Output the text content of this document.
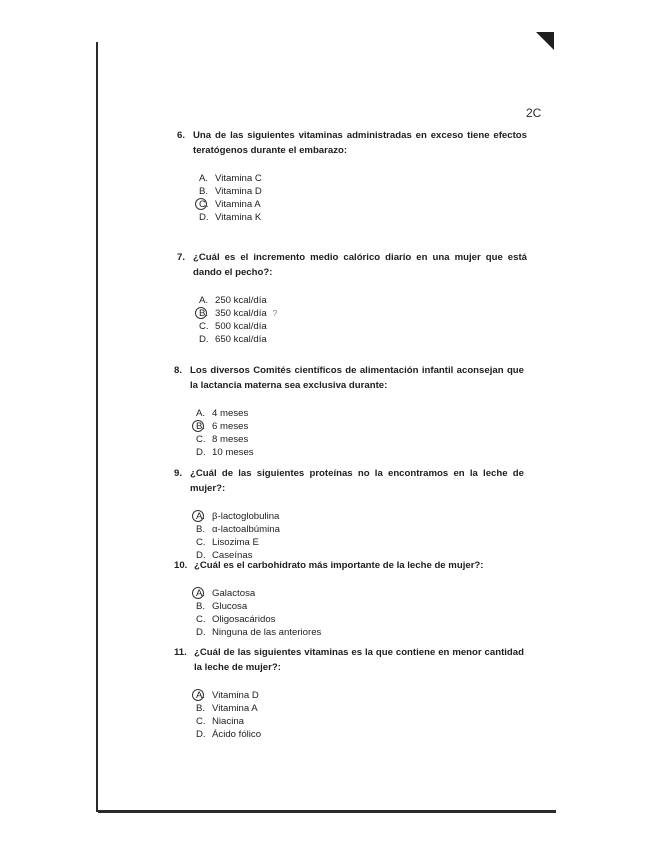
2C
6. Una de las siguientes vitaminas administradas en exceso tiene efectos teratógenos durante el embarazo:
A. Vitamina C
B. Vitamina D
C. Vitamina A
D. Vitamina K
7. ¿Cuál es el incremento medio calórico diario en una mujer que está dando el pecho?:
A. 250 kcal/día
B. 350 kcal/día ?
C. 500 kcal/día
D. 650 kcal/día
8. Los diversos Comités científicos de alimentación infantil aconsejan que la lactancia materna sea exclusiva durante:
A. 4 meses
B. 6 meses
C. 8 meses
D. 10 meses
9. ¿Cuál de las siguientes proteínas no la encontramos en la leche de mujer?:
A. β-lactoglobulina
B. α-lactoalbúmina
C. Lisozima E
D. Caseínas
10. ¿Cuál es el carbohidrato más importante de la leche de mujer?:
A. Galactosa
B. Glucosa
C. Oligosacáridos
D. Ninguna de las anteriores
11. ¿Cuál de las siguientes vitaminas es la que contiene en menor cantidad la leche de mujer?:
A. Vitamina D
B. Vitamina A
C. Niacina
D. Ácido fólico
